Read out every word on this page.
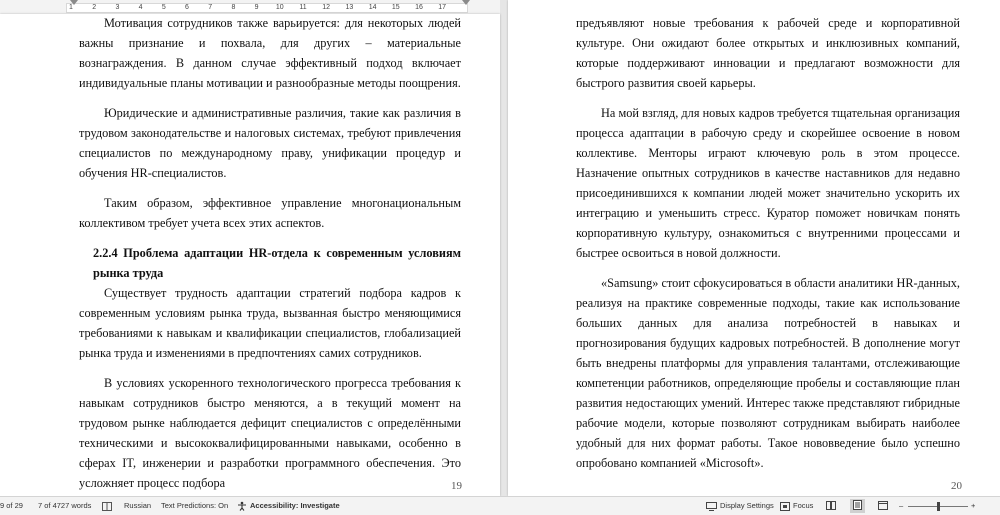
1	2	3	4	5	6	7	8	9	10	11	12	13	14	15	16	17

Мотивация сотрудников также варьируется: для некоторых людей важны признание и похвала, для других – материальные вознаграждения. В данном случае эффективный подход включает индивидуальные планы мотивации и разнообразные методы поощрения.

Юридические и административные различия, такие как различия в трудовом законодательстве и налоговых системах, требуют привлечения специалистов по международному праву, унификации процедур и обучения HR-специалистов.

Таким образом, эффективное управление многонациональным коллективом требует учета всех этих аспектов.

2.2.4 Проблема адаптации HR-отдела к современным условиям рынка труда

Существует трудность адаптации стратегий подбора кадров к современным условиям рынка труда, вызванная быстро меняющимися требованиями к навыкам и квалификации специалистов, глобализацией рынка труда и изменениями в предпочтениях самих сотрудников.

В условиях ускоренного технологического прогресса требования к навыкам сотрудников быстро меняются, а в текущий момент на трудовом рынке наблюдается дефицит специалистов с определёнными техническими и высококвалифицированными навыками, особенно в сферах IT, инженерии и разработки программного обеспечения. Это усложняет процесс подбора	19

предъявляют новые требования к рабочей среде и корпоративной культуре. Они ожидают более открытых и инклюзивных компаний, которые поддерживают инновации и предлагают возможности для быстрого развития своей карьеры.

На мой взгляд, для новых кадров требуется тщательная организация процесса адаптации в рабочую среду и скорейшее освоение в новом коллективе. Менторы играют ключевую роль в этом процессе. Назначение опытных сотрудников в качестве наставников для недавно присоединившихся к компании людей может значительно ускорить их интеграцию и уменьшить стресс. Куратор поможет новичкам понять корпоративную культуру, ознакомиться с внутренними процессами и быстрее освоиться в новой должности.

«Samsung» стоит сфокусироваться в области аналитики HR-данных, реализуя на практике современные подходы, такие как использование больших данных для анализа потребностей в навыках и прогнозирования будущих кадровых потребностей. В дополнение могут быть внедрены платформы для управления талантами, отслеживающие компетенции работников, определяющие пробелы и составляющие план развития недостающих умений. Интерес также представляют гибридные рабочие модели, которые позволяют сотрудникам выбирать наиболее удобный для них формат работы. Такое нововведение было успешно опробовано компанией «Microsoft».

20
9 of 29 7 of 4727 words	Russian Text Predictions: On	Accessibility: Investigate	Display Settings	Focus	–	+
